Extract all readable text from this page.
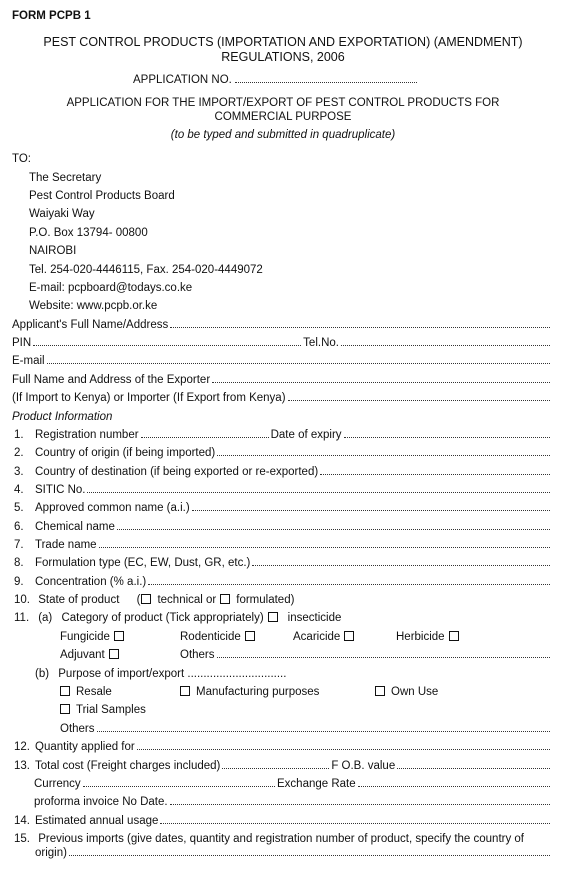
FORM PCPB 1
PEST CONTROL PRODUCTS (IMPORTATION AND EXPORTATION) (AMENDMENT)
REGULATIONS, 2006
APPLICATION NO.
APPLICATION FOR THE IMPORT/EXPORT OF PEST CONTROL PRODUCTS FOR
COMMERCIAL PURPOSE
(to be typed and submitted in quadruplicate)
TO:
The Secretary
Pest Control Products Board
Waiyaki Way
P.O. Box 13794- 00800
NAIROBI
Tel. 254-020-4446115, Fax. 254-020-4449072
E-mail: pcpboard@todays.co.ke
Website: www.pcpb.or.ke
Applicant's Full Name/Address
PIN	Tel.No.
E-mail
Full Name and Address of the Exporter
(If Import to Kenya) or Importer (If Export from Kenya)
Product Information
1. Registration number	Date of expiry
2. Country of origin (if being imported)
3. Country of destination (if being exported or re-exported)
4. SITIC No.
5. Approved common name (a.i.)
6. Chemical name
7. Trade name
8. Formulation type (EC, EW, Dust, GR, etc.)
9. Concentration (% a.i.)
10. State of product ( technical or formulated)
11. (a) Category of product (Tick appropriately) insecticide
Fungicide	Rodenticide	Acaricide	Herbicide
Adjuvant	Others
(b) Purpose of import/export ...............................
Resale	Manufacturing purposes	Own Use
Trial Samples
Others
12. Quantity applied for
13. Total cost (Freight charges included)	F O.B. value
Currency	Exchange Rate
proforma invoice No Date.
14. Estimated annual usage
15. Previous imports (give dates, quantity and registration number of product, specify the country of
origin)
